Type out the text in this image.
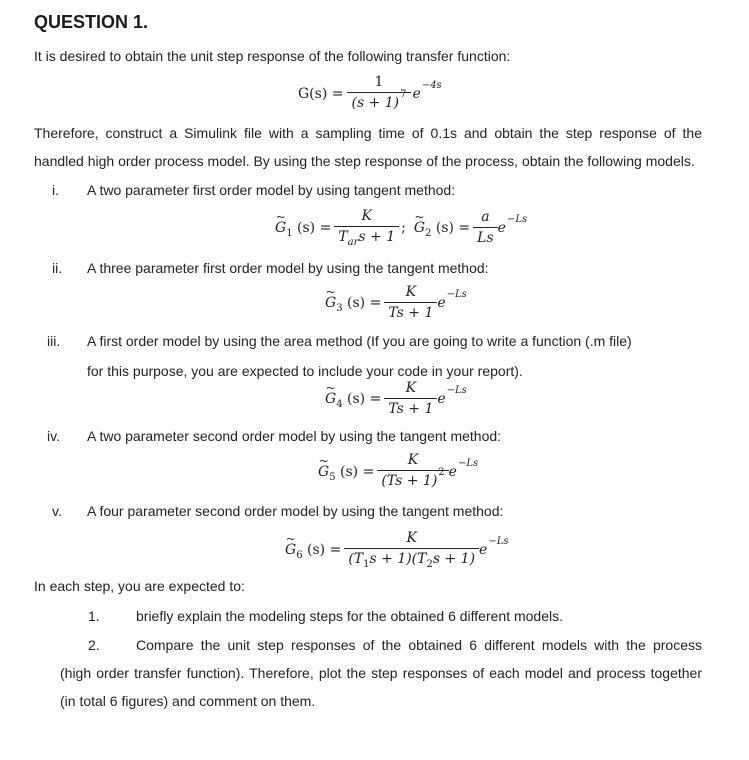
QUESTION 1.
It is desired to obtain the unit step response of the following transfer function:
$G(s) = \frac{1}{(s + 1)^7} e^{-4s}$
Therefore, construct a Simulink file with a sampling time of 0.1s and obtain the step response of the
handled high order process model. By using the step response of the process, obtain the following models.
i.	A two parameter first order model by using tangent method:
~ $G_1$ $(s) = \frac{K}{T_{ar}s + 1}$ ;
~ $G_2$ $(s) = \frac{a}{Ls} e^{-Ls}$
ii.	A three parameter first order model by using the tangent method:
~ $G_3$ $(s) = \frac{K}{Ts + 1} e^{-Ls}$
iii.	A first order model by using the area method (If you are going to write a function (.m file)
for this purpose, you are expected to include your code in your report).
~ $G_4$ $(s) = \frac{K}{Ts + 1} e^{-Ls}$
iv.	A two parameter second order model by using the tangent method:
~ $G_5$ $(s) = \frac{K}{(Ts + 1)^2} e^{-Ls}$
v.	A four parameter second order model by using the tangent method:
~ $G_6$ $(s) = \frac{K}{(T_1s + 1)(T_2s + 1)} e^{-Ls}$
In each step, you are expected to:
1.	briefly explain the modeling steps for the obtained 6 different models.
2.	Compare the unit step responses of the obtained 6 different models with the process
(high order transfer function). Therefore, plot the step responses of each model and process together
(in total 6 figures) and comment on them.
